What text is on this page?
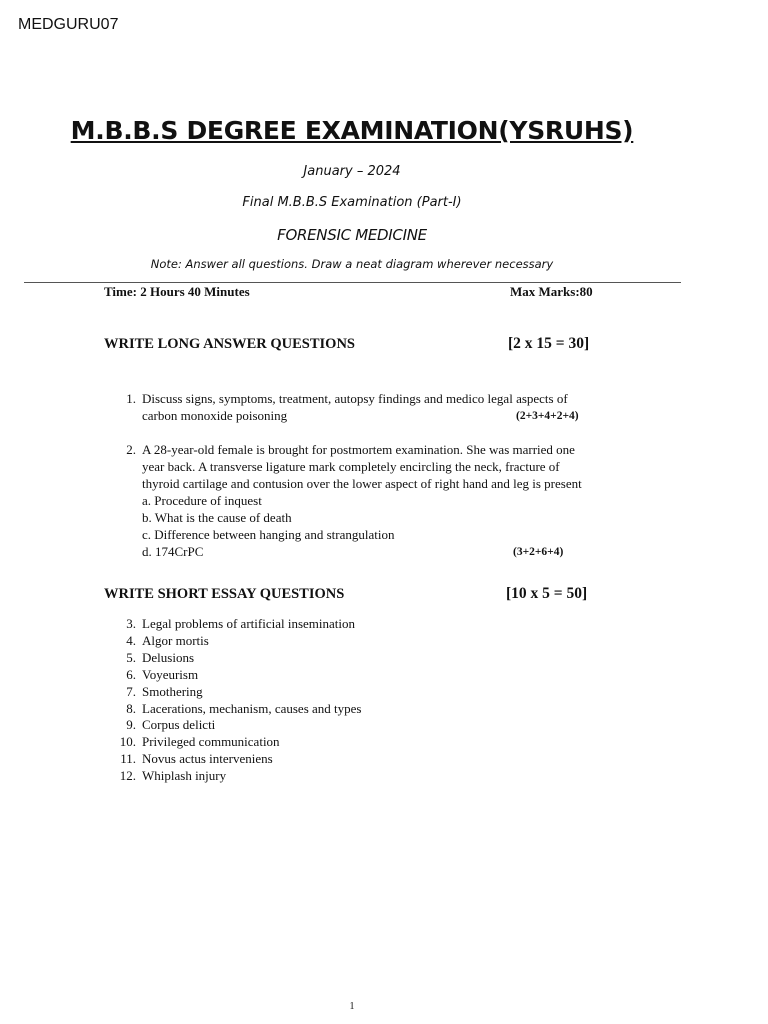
MEDGURU07
M.B.B.S DEGREE EXAMINATION(YSRUHS)
January – 2024
Final M.B.B.S Examination (Part-I)
FORENSIC MEDICINE
Note: Answer all questions. Draw a neat diagram wherever necessary
Time: 2 Hours 40 Minutes	Max Marks:80
WRITE LONG ANSWER QUESTIONS	[2 x 15 = 30]
1. Discuss signs, symptoms, treatment, autopsy findings and medico legal aspects of
carbon monoxide poisoning	(2+3+4+2+4)
2. A 28-year-old female is brought for postmortem examination. She was married one
year back. A transverse ligature mark completely encircling the neck, fracture of
thyroid cartilage and contusion over the lower aspect of right hand and leg is present
a. Procedure of inquest
b. What is the cause of death
c. Difference between hanging and strangulation
d. 174CrPC	(3+2+6+4)
WRITE SHORT ESSAY QUESTIONS	[10 x 5 = 50]
3. Legal problems of artificial insemination
4. Algor mortis
5. Delusions
6. Voyeurism
7. Smothering
8. Lacerations, mechanism, causes and types
9. Corpus delicti
10. Privileged communication
11. Novus actus interveniens
12. Whiplash injury
1
